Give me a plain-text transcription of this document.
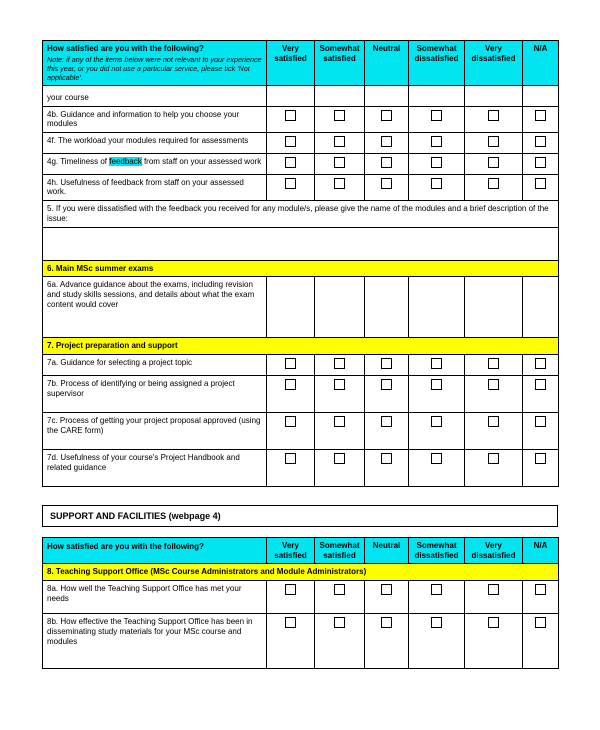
How satisfied are you with the following?
Note: if any of the items below were not relevant to your experience this year, or you did not use a particular service, please tick 'Not applicable'.	Very satisfied	Somewhat satisfied	Neutral	Somewhat dissatisfied	Very dissatisfied	N/A
your course						
4b. Guidance and information to help you choose your modules						
4f. The workload your modules required for assessments						
4g. Timeliness of feedback from staff on your assessed work						
4h. Usefulness of feedback from staff on your assessed work.						
5. If you were dissatisfied with the feedback you received for any module/s, please give the name of the modules and a brief description of the issue:						

6. Main MSc summer exams						
6a. Advance guidance about the exams, including revision and study skills sessions, and details about what the exam content would cover						
7. Project preparation and support						
7a. Guidance for selecting a project topic						
7b. Process of identifying or being assigned a project supervisor						
7c. Process of getting your project proposal approved (using the CARE form)						
7d. Usefulness of your course's Project Handbook and related guidance						
SUPPORT AND FACILITIES (webpage 4)
How satisfied are you with the following?	Very satisfied	Somewhat satisfied	Neutral	Somewhat dissatisfied	Very dissatisfied	N/A
8. Teaching Support Office (MSc Course Administrators and Module Administrators)						
8a. How well the Teaching Support Office has met your needs						
8b. How effective the Teaching Support Office has been in disseminating study materials for your MSc course and modules						
